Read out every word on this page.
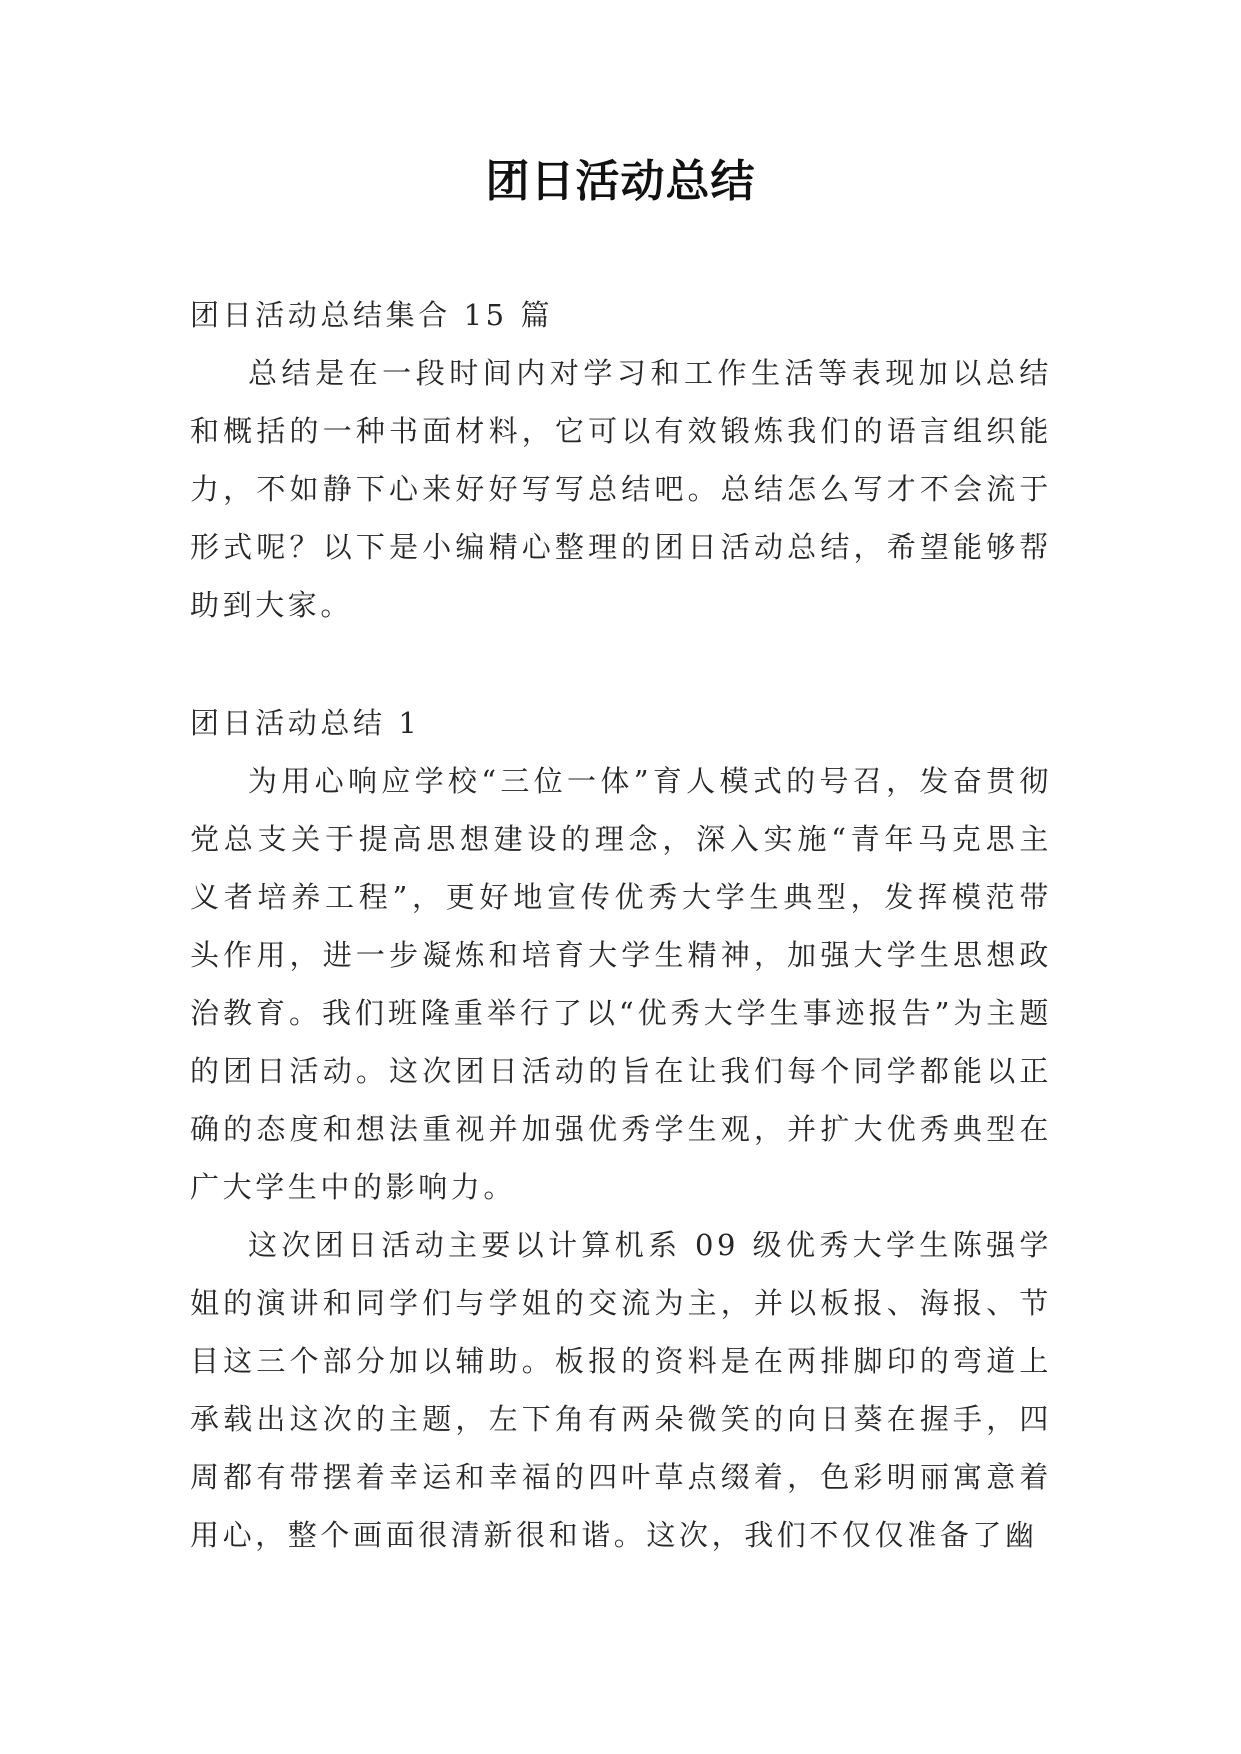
团日活动总结

团日活动总结集合 15 篇

总结是在一段时间内对学习和工作生活等表现加以总结和概括的一种书面材料，它可以有效锻炼我们的语言组织能力，不如静下心来好好写写总结吧。总结怎么写才不会流于形式呢？以下是小编精心整理的团日活动总结，希望能够帮助到大家。

团日活动总结 1

为用心响应学校“三位一体”育人模式的号召，发奋贯彻党总支关于提高思想建设的理念，深入实施“青年马克思主义者培养工程”，更好地宣传优秀大学生典型，发挥模范带头作用，进一步凝炼和培育大学生精神，加强大学生思想政治教育。我们班隆重举行了以“优秀大学生事迹报告”为主题的团日活动。这次团日活动的旨在让我们每个同学都能以正确的态度和想法重视并加强优秀学生观，并扩大优秀典型在广大学生中的影响力。

这次团日活动主要以计算机系 09 级优秀大学生陈强学姐的演讲和同学们与学姐的交流为主，并以板报、海报、节目这三个部分加以辅助。板报的资料是在两排脚印的弯道上承载出这次的主题，左下角有两朵微笑的向日葵在握手，四周都有带摆着幸运和幸福的四叶草点缀着，色彩明丽寓意着用心，整个画面很清新很和谐。这次，我们不仅仅准备了幽
